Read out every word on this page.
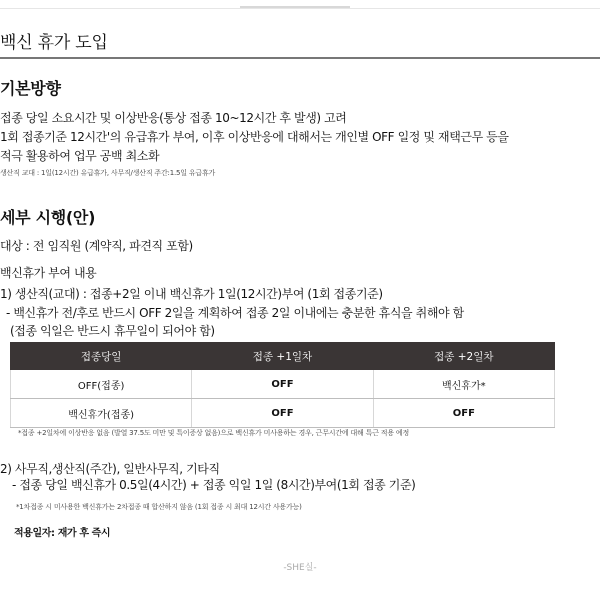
백신 휴가 도입
기본방향
접종 당일 소요시간 및 이상반응(통상 접종 10~12시간 후 발생) 고려
1회 접종기준 12시간'의 유급휴가 부여, 이후 이상반응에 대해서는 개인별 OFF 일정 및 재택근무 등을
적극 활용하여 업무 공백 최소화
생산직 교대 : 1일(12시간) 유급휴가, 사무직/생산직 주간:1.5일 유급휴가
세부 시행(안)
대상 : 전 임직원 (계약직, 파견직 포함)
백신휴가 부여 내용
1) 생산직(교대) : 접종+2일 이내 백신휴가 1일(12시간)부여 (1회 접종기준)
- 백신휴가 전/후로 반드시 OFF 2일을 계획하여 접종 2일 이내에는 충분한 휴식을 취해야 함
(접종 익일은 반드시 휴무일이 되어야 함)
접종당일	접종 +1일차	접종 +2일차
OFF(접종)	OFF	백신휴가*
백신휴가(접종)	OFF	OFF
*접종 +2일차에 이상반응 없음 (발열 37.5도 미만 및 특이증상 없음)으로 백신휴가 미사용하는 경우, 근무시간에 대해 특근 적용 예정
2) 사무직,생산직(주간), 일반사무직, 기타직
- 접종 당일 백신휴가 0.5일(4시간) + 접종 익일 1일 (8시간)부여(1회 접종 기준)
*1차접종 시 미사용한 백신휴가는 2차접종 때 합산하지 않음 (1회 접종 시 최대 12시간 사용가능)
적용일자: 재가 후 즉시
-SHE실-
